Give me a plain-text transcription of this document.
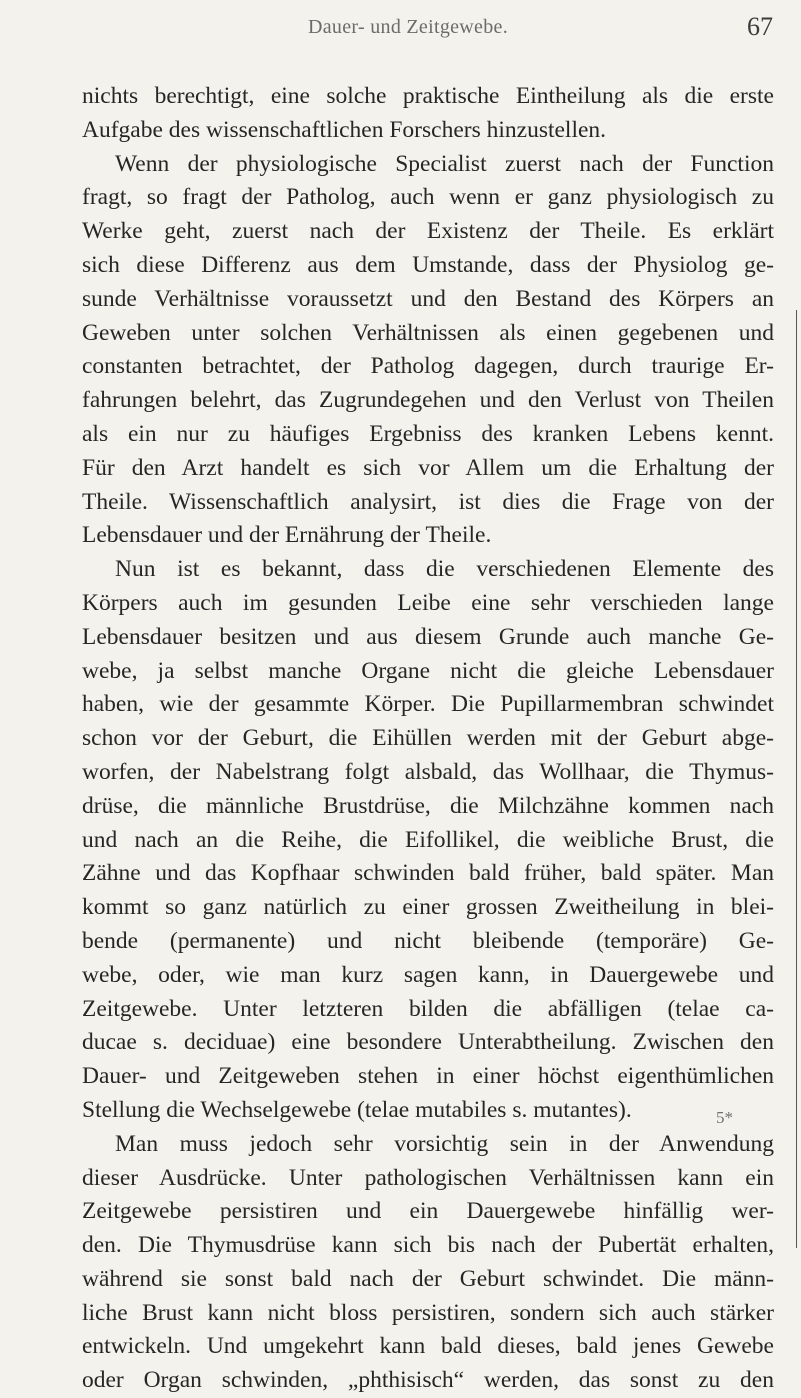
Dauer- und Zeitgewebe.	67
nichts berechtigt, eine solche praktische Eintheilung als die erste
Aufgabe des wissenschaftlichen Forschers hinzustellen.
Wenn der physiologische Specialist zuerst nach der Function
fragt, so fragt der Patholog, auch wenn er ganz physiologisch zu
Werke geht, zuerst nach der Existenz der Theile. Es erklärt
sich diese Differenz aus dem Umstande, dass der Physiolog ge-
sunde Verhältnisse voraussetzt und den Bestand des Körpers an
Geweben unter solchen Verhältnissen als einen gegebenen und
constanten betrachtet, der Patholog dagegen, durch traurige Er-
fahrungen belehrt, das Zugrundegehen und den Verlust von Theilen
als ein nur zu häufiges Ergebniss des kranken Lebens kennt.
Für den Arzt handelt es sich vor Allem um die Erhaltung der
Theile. Wissenschaftlich analysirt, ist dies die Frage von der
Lebensdauer und der Ernährung der Theile.
Nun ist es bekannt, dass die verschiedenen Elemente des
Körpers auch im gesunden Leibe eine sehr verschieden lange
Lebensdauer besitzen und aus diesem Grunde auch manche Ge-
webe, ja selbst manche Organe nicht die gleiche Lebensdauer
haben, wie der gesammte Körper. Die Pupillarmembran schwindet
schon vor der Geburt, die Eihüllen werden mit der Geburt abge-
worfen, der Nabelstrang folgt alsbald, das Wollhaar, die Thymus-
drüse, die männliche Brustdrüse, die Milchzähne kommen nach
und nach an die Reihe, die Eifollikel, die weibliche Brust, die
Zähne und das Kopfhaar schwinden bald früher, bald später. Man
kommt so ganz natürlich zu einer grossen Zweitheilung in blei-
bende (permanente) und nicht bleibende (temporäre) Ge-
webe, oder, wie man kurz sagen kann, in Dauergewebe und
Zeitgewebe. Unter letzteren bilden die abfälligen (telae ca-
ducae s. deciduae) eine besondere Unterabtheilung. Zwischen den
Dauer- und Zeitgeweben stehen in einer höchst eigenthümlichen
Stellung die Wechselgewebe (telae mutabiles s. mutantes).
Man muss jedoch sehr vorsichtig sein in der Anwendung
dieser Ausdrücke. Unter pathologischen Verhältnissen kann ein
Zeitgewebe persistiren und ein Dauergewebe hinfällig wer-
den. Die Thymusdrüse kann sich bis nach der Pubertät erhalten,
während sie sonst bald nach der Geburt schwindet. Die männ-
liche Brust kann nicht bloss persistiren, sondern sich auch stärker
entwickeln. Und umgekehrt kann bald dieses, bald jenes Gewebe
oder Organ schwinden, „phthisisch“ werden, das sonst zu den
5*
